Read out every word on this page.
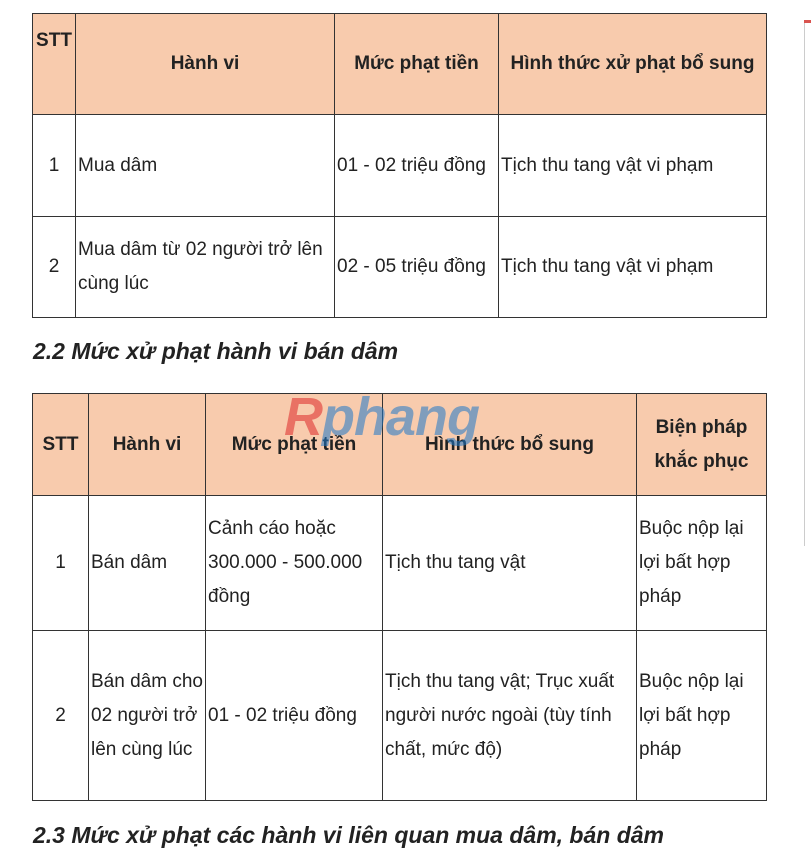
STT	Hành vi	Mức phạt tiền	Hình thức xử phạt bổ sung
1	Mua dâm	01 - 02 triệu đồng	Tịch thu tang vật vi phạm
2	Mua dâm từ 02 người trở lên cùng lúc	02 - 05 triệu đồng	Tịch thu tang vật vi phạm
2.2 Mức xử phạt hành vi bán dâm
STT	Hành vi	Mức phạt tiền	Hình thức bổ sung	Biện pháp khắc phục
1	Bán dâm	Cảnh cáo hoặc 300.000 - 500.000 đồng	Tịch thu tang vật	Buộc nộp lại lợi bất hợp pháp
2	Bán dâm cho 02 người trở lên cùng lúc	01 - 02 triệu đồng	Tịch thu tang vật; Trục xuất người nước ngoài (tùy tính chất, mức độ)	Buộc nộp lại lợi bất hợp pháp
Rphang
2.3 Mức xử phạt các hành vi liên quan mua dâm, bán dâm
